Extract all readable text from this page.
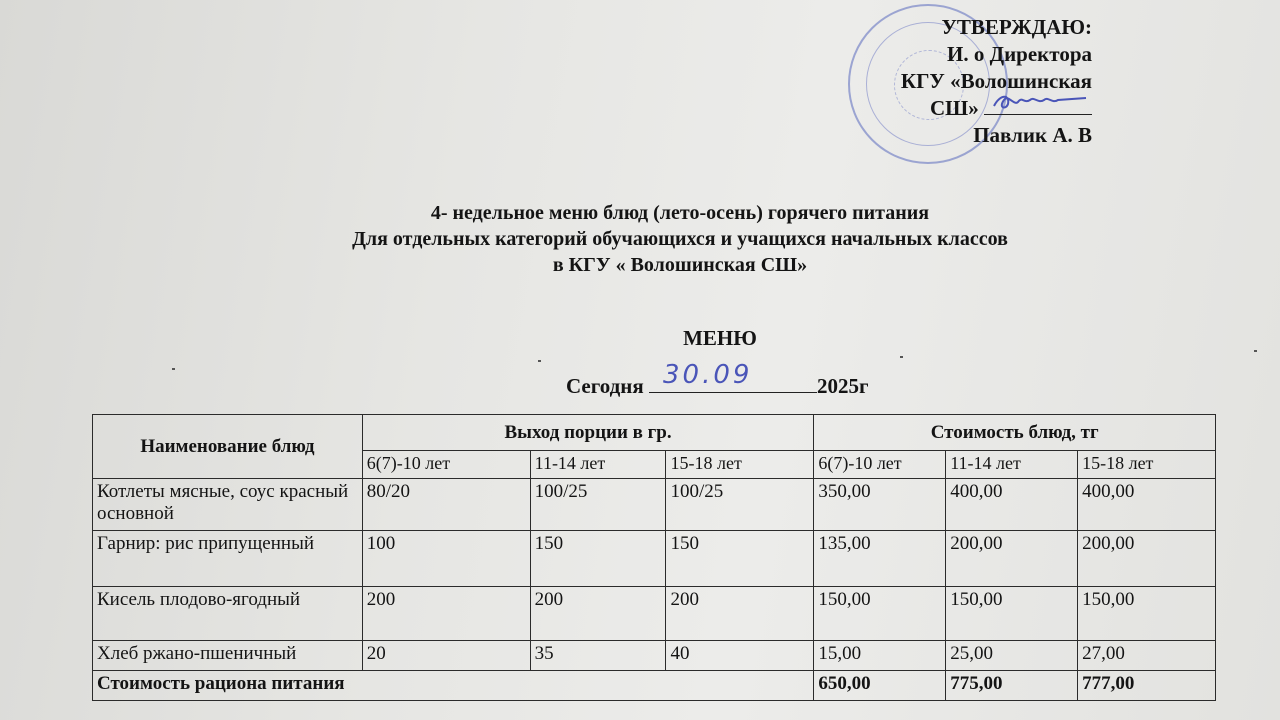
УТВЕРЖДАЮ:
И. о Директора
КГУ «Волошинская
СШ»
Павлик А. В
4- недельное меню блюд (лето-осень) горячего питания
Для отдельных категорий обучающихся и учащихся начальных классов
в КГУ « Волошинская СШ»
МЕНЮ
Сегодня 30.09	2025г
Наименование блюд	Выход порции в гр.			Стоимость блюд, тг		
	6(7)-10 лет	11-14 лет	15-18 лет	6(7)-10 лет	11-14 лет	15-18 лет
Котлеты мясные, соус красный основной	80/20	100/25	100/25	350,00	400,00	400,00
Гарнир: рис припущенный	100	150	150	135,00	200,00	200,00
Кисель плодово-ягодный	200	200	200	150,00	150,00	150,00
Хлеб ржано-пшеничный	20	35	40	15,00	25,00	27,00
Стоимость рациона питания				650,00	775,00	777,00
